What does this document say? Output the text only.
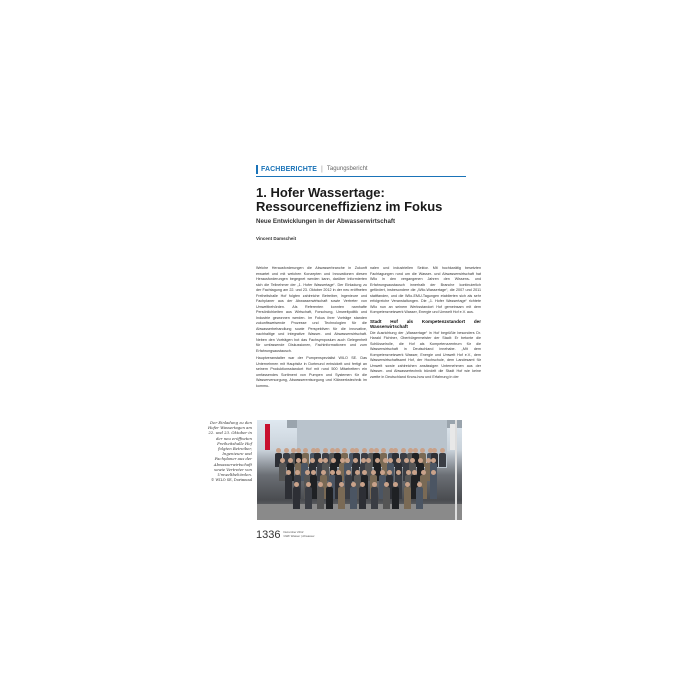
FACHBERICHTE | Tagungsbericht
1. Hofer Wassertage: Ressourceneffizienz im Fokus
Neue Entwicklungen in der Abwasserwirtschaft
Vincent Damscheit

Welche Herausforderungen die Abwasserbranche in Zukunft erwartet und mit welchen Konzepten und Innovationen diesen Herausforderungen begegnet werden kann, darüber informierten sich die Teilnehmer der „1. Hofer Wassertage“. Der Einladung zu der Fachtagung am 22. und 23. Oktober 2012 in der neu eröffneten Freiheitshalle Hof folgten zahlreiche Betreiber, Ingenieure und Fachplaner aus der Abwasserwirtschaft sowie Vertreter von Umweltbehörden. Als Referenten konnten namhafte Persönlichkeiten aus Wirtschaft, Forschung, Umweltpolitik und Industrie gewonnen werden. Im Fokus ihrer Vorträge standen zukunftsweisende Prozesse und Technologien für die Abwasserbehandlung sowie Perspektiven für die innovative, nachhaltige und integrative Wasser- und Abwasserwirtschaft. Neben den Vorträgen bot das Fachsymposium auch Gelegenheit für umfassende Diskussionen, Fachinformationen und zum Erfahrungsaustausch.

Hauptveranstalter war der Pumpenspezialist WILO SE. Das Unternehmen mit Hauptsitz in Dortmund entwickelt und fertigt an seinem Produktionsstandort Hof mit rund 500 Mitarbeitern ein umfassendes Sortiment von Pumpen und Systemen für die Wasserversorgung, Abwasserentsorgung und Klärwerkstechnik im kommu-

nalen und industriellen Sektor. Mit hochkarätig besetzten Fachtagungen rund um die Wasser- und Abwasserwirtschaft hat Wilo in den vergangenen Jahren den Wissens- und Erfahrungsaustausch innerhalb der Branche kontinuierlich gefördert, insbesondere die „Wilo-Wassertage“, die 2007 und 2011 stattfanden, und die Wilo-EMU-Tagungen etablierten sich als sehr erfolgreiche Veranstaltungen. Die „1. Hofer Wassertage“ richtete Wilo nun an seinem Werksstandort Hof gemeinsam mit dem Kompetenznetzwerk Wasser, Energie und Umwelt Hof e.V. aus.

Stadt Hof als Kompetenzstandort der Wasserwirtschaft

Die Ausrichtung der „Wassertage“ in Hof begrüßte besonders Dr. Harald Fichtner, Oberbürgermeister der Stadt: Er betonte die Schlüsselrolle, die Hof als Kompetenzzentrum für die Wasserwirtschaft in Deutschland innehabe. „Mit dem Kompetenznetzwerk Wasser, Energie und Umwelt Hof e.V., dem Wasserwirtschaftsamt Hof, der Hochschule, dem Landesamt für Umwelt sowie zahlreichen ansässigen Unternehmen aus der Wasser- und Abwassertechnik bündelt die Stadt Hof wie keine zweite in Deutschland Know-how und Erfahrung in der

Der Einladung zu den Hofer Wassertagen am 22. und 23. Oktober in der neu eröffneten Freiheitshalle Hof folgten Betreiber, Ingenieure und Fachplaner aus der Abwasserwirtschaft sowie Vertreter von Umweltbehörden.
© WILO SE, Dortmund
1336 Dezember 2012
GWF Wasser | Abwasser
